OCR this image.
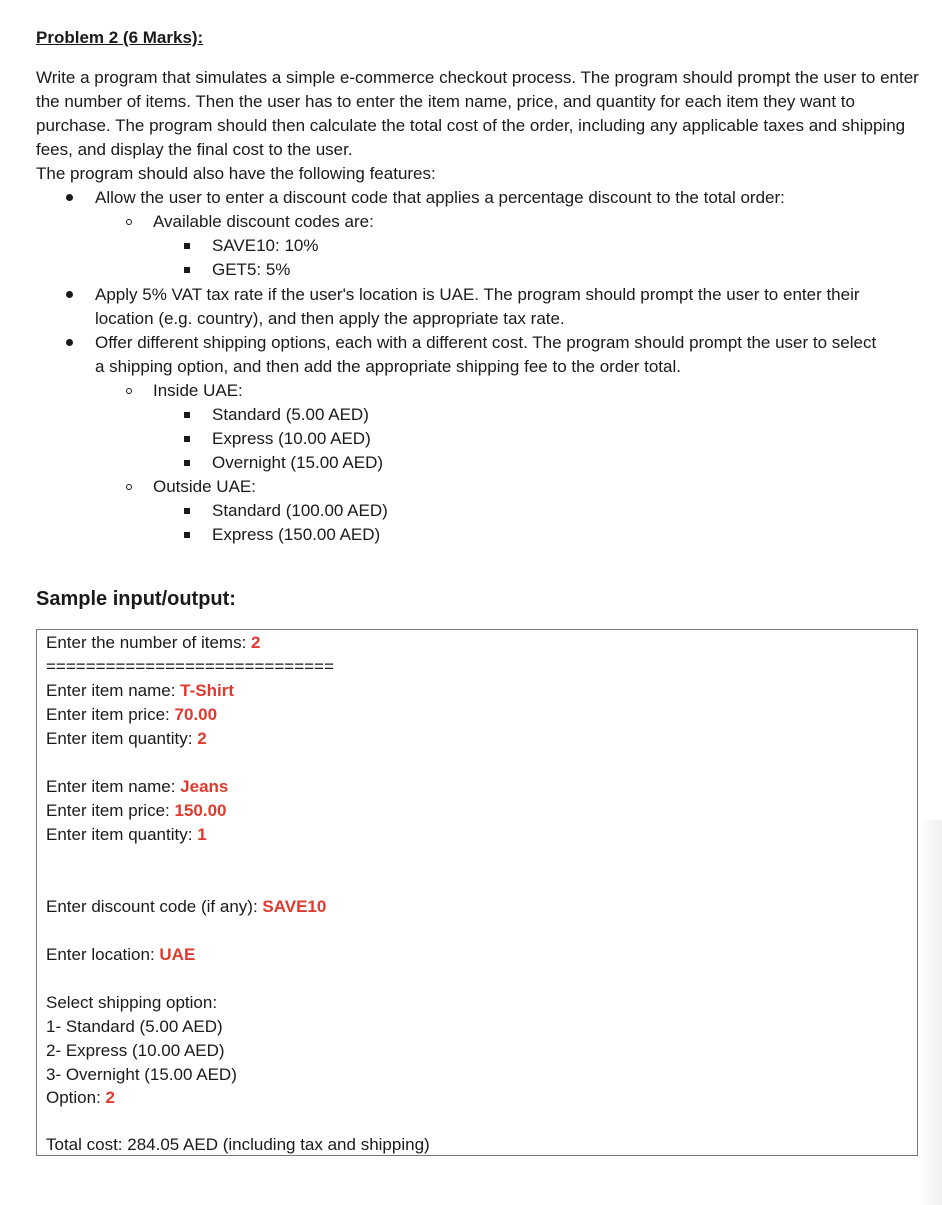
Problem 2 (6 Marks):
Write a program that simulates a simple e-commerce checkout process. The program should prompt the user to enter the number of items. Then the user has to enter the item name, price, and quantity for each item they want to purchase. The program should then calculate the total cost of the order, including any applicable taxes and shipping fees, and display the final cost to the user.
The program should also have the following features:
Allow the user to enter a discount code that applies a percentage discount to the total order:
Available discount codes are:
SAVE10: 10%
GET5: 5%
Apply 5% VAT tax rate if the user's location is UAE. The program should prompt the user to enter their
location (e.g. country), and then apply the appropriate tax rate.
Offer different shipping options, each with a different cost. The program should prompt the user to select
a shipping option, and then add the appropriate shipping fee to the order total.
Inside UAE:
Standard (5.00 AED)
Express (10.00 AED)
Overnight (15.00 AED)
Outside UAE:
Standard (100.00 AED)
Express (150.00 AED)
Sample input/output:
Enter the number of items: 2
=============================
Enter item name: T-Shirt
Enter item price: 70.00
Enter item quantity: 2
Enter item name: Jeans
Enter item price: 150.00
Enter item quantity: 1
Enter discount code (if any): SAVE10
Enter location: UAE
Select shipping option:
1- Standard (5.00 AED)
2- Express (10.00 AED)
3- Overnight (15.00 AED)
Option: 2
Total cost: 284.05 AED (including tax and shipping)
